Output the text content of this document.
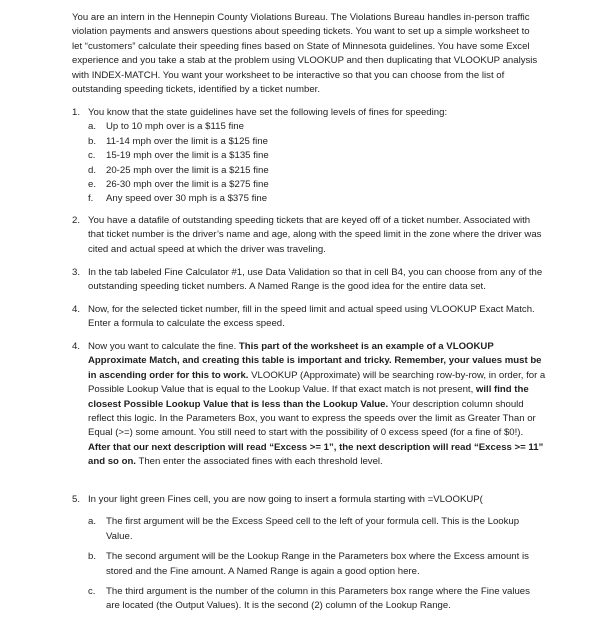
You are an intern in the Hennepin County Violations Bureau. The Violations Bureau handles in-person traffic violation payments and answers questions about speeding tickets. You want to set up a simple worksheet to let “customers” calculate their speeding fines based on State of Minnesota guidelines. You have some Excel experience and you take a stab at the problem using VLOOKUP and then duplicating that VLOOKUP analysis with INDEX-MATCH. You want your worksheet to be interactive so that you can choose from the list of outstanding speeding tickets, identified by a ticket number.
1. You know that the state guidelines have set the following levels of fines for speeding:
a.	Up to 10 mph over is a $115 fine
b.	11-14 mph over the limit is a $125 fine
c.	15-19 mph over the limit is a $135 fine
d.	20-25 mph over the limit is a $215 fine
e.	26-30 mph over the limit is a $275 fine
f.	Any speed over 30 mph is a $375 fine
2. You have a datafile of outstanding speeding tickets that are keyed off of a ticket number. Associated with that ticket number is the driver’s name and age, along with the speed limit in the zone where the driver was cited and actual speed at which the driver was traveling.
3. In the tab labeled Fine Calculator #1, use Data Validation so that in cell B4, you can choose from any of the outstanding speeding ticket numbers. A Named Range is the good idea for the entire data set.
4. Now, for the selected ticket number, fill in the speed limit and actual speed using VLOOKUP Exact Match. Enter a formula to calculate the excess speed.
4. Now you want to calculate the fine. This part of the worksheet is an example of a VLOOKUP Approximate Match, and creating this table is important and tricky. Remember, your values must be in ascending order for this to work. VLOOKUP (Approximate) will be searching row-by-row, in order, for a Possible Lookup Value that is equal to the Lookup Value. If that exact match is not present, will find the closest Possible Lookup Value that is less than the Lookup Value. Your description column should reflect this logic. In the Parameters Box, you want to express the speeds over the limit as Greater Than or Equal (>=) some amount. You still need to start with the possibility of 0 excess speed (for a fine of $0!). After that our next description will read “Excess >= 1”, the next description will read “Excess >= 11” and so on. Then enter the associated fines with each threshold level.
5. In your light green Fines cell, you are now going to insert a formula starting with =VLOOKUP(
a.	The first argument will be the Excess Speed cell to the left of your formula cell. This is the Lookup Value.
b.	The second argument will be the Lookup Range in the Parameters box where the Excess amount is stored and the Fine amount. A Named Range is again a good option here.
c.	The third argument is the number of the column in this Parameters box range where the Fine values are located (the Output Values). It is the second (2) column of the Lookup Range.
